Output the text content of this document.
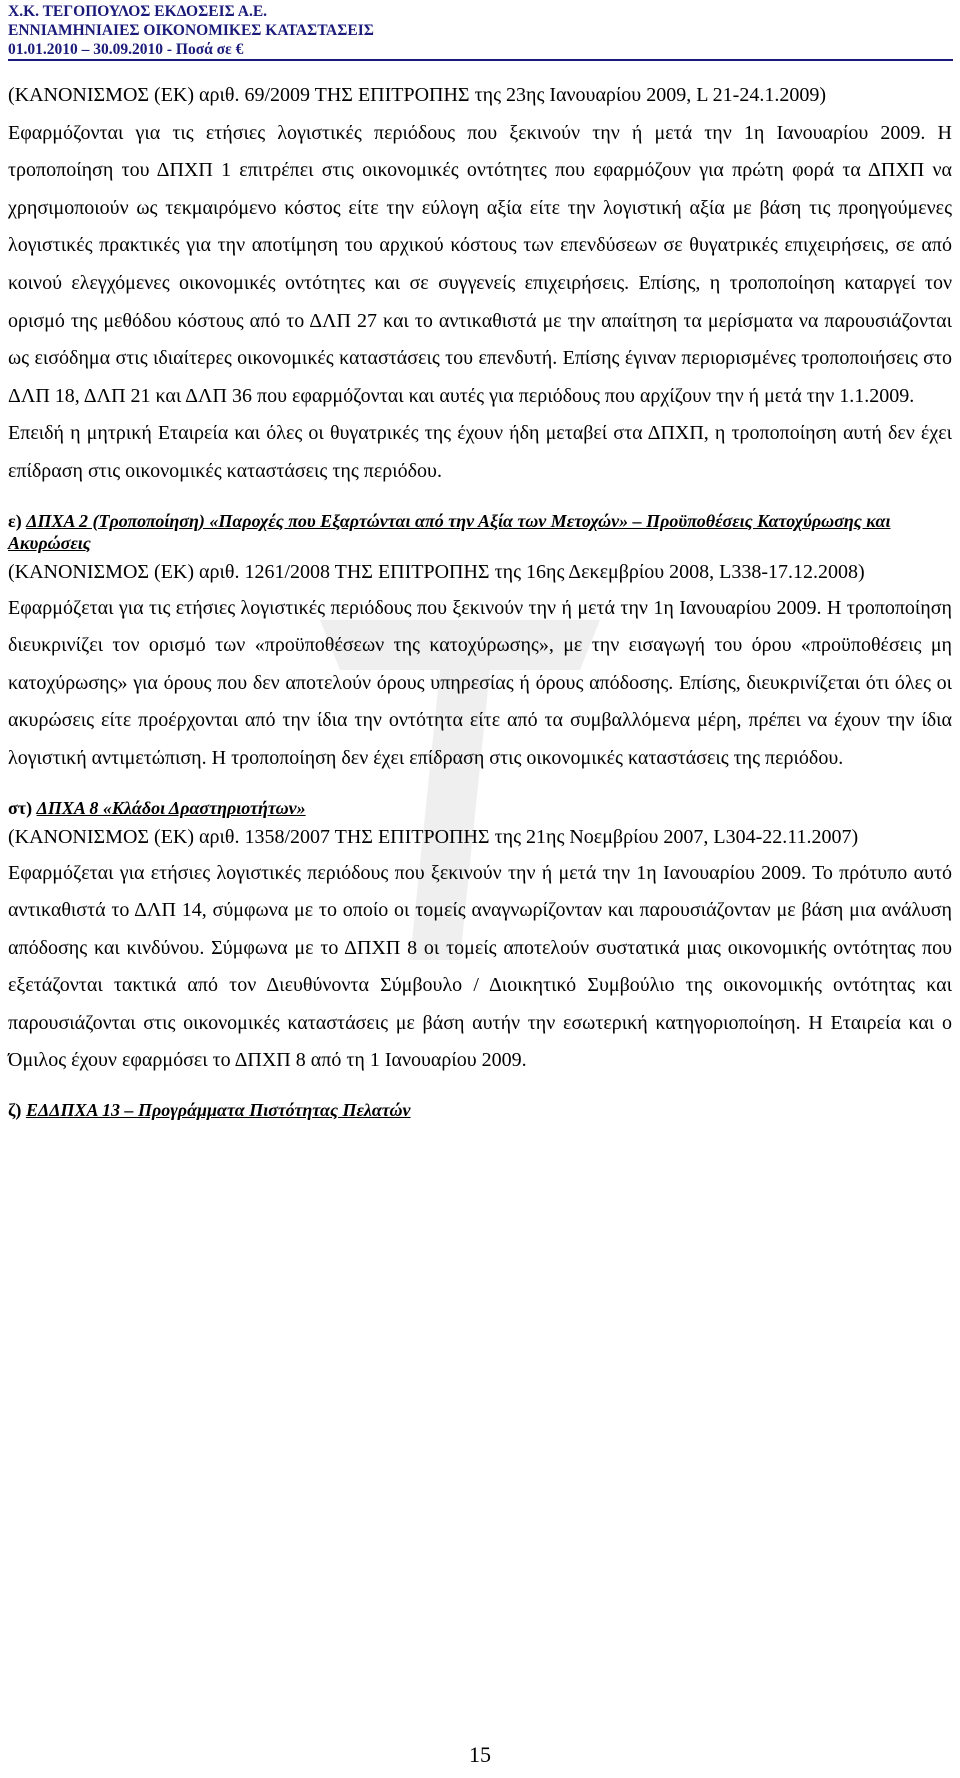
Χ.Κ. ΤΕΓΟΠΟΥΛΟΣ ΕΚΔΟΣΕΙΣ Α.Ε.
ΕΝΝΙΑΜΗΝΙΑΙΕΣ ΟΙΚΟΝΟΜΙΚΕΣ ΚΑΤΑΣΤΑΣΕΙΣ
01.01.2010 – 30.09.2010 - Ποσά σε €

(ΚΑΝΟΝΙΣΜΟΣ (ΕΚ) αριθ. 69/2009 ΤΗΣ ΕΠΙΤΡΟΠΗΣ της 23ης Ιανουαρίου 2009, L 21-24.1.2009)

Εφαρμόζονται για τις ετήσιες λογιστικές περιόδους που ξεκινούν την ή μετά την 1η Ιανουαρίου 2009. Η τροποποίηση του ΔΠΧΠ 1 επιτρέπει στις οικονομικές οντότητες που εφαρμόζουν για πρώτη φορά τα ΔΠΧΠ να χρησιμοποιούν ως τεκμαιρόμενο κόστος είτε την εύλογη αξία είτε την λογιστική αξία με βάση τις προηγούμενες λογιστικές πρακτικές για την αποτίμηση του αρχικού κόστους των επενδύσεων σε θυγατρικές επιχειρήσεις, σε από κοινού ελεγχόμενες οικονομικές οντότητες και σε συγγενείς επιχειρήσεις. Επίσης, η τροποποίηση καταργεί τον ορισμό της μεθόδου κόστους από το ΔΛΠ 27 και το αντικαθιστά με την απαίτηση τα μερίσματα να παρουσιάζονται ως εισόδημα στις ιδιαίτερες οικονομικές καταστάσεις του επενδυτή. Επίσης έγιναν περιορισμένες τροποποιήσεις στο ΔΛΠ 18, ΔΛΠ 21 και ΔΛΠ 36 που εφαρμόζονται και αυτές για περιόδους που αρχίζουν την ή μετά την 1.1.2009.

Επειδή η μητρική Εταιρεία και όλες οι θυγατρικές της έχουν ήδη μεταβεί στα ΔΠΧΠ, η τροποποίηση αυτή δεν έχει επίδραση στις οικονομικές καταστάσεις της περιόδου.

ε) ΔΠΧΑ 2 (Τροποποίηση) «Παροχές που Εξαρτώνται από την Αξία των Μετοχών» – Προϋποθέσεις Κατοχύρωσης και Ακυρώσεις

(ΚΑΝΟΝΙΣΜΟΣ (ΕΚ) αριθ. 1261/2008 ΤΗΣ ΕΠΙΤΡΟΠΗΣ της 16ης Δεκεμβρίου 2008, L338-17.12.2008)

Εφαρμόζεται για τις ετήσιες λογιστικές περιόδους που ξεκινούν την ή μετά την 1η Ιανουαρίου 2009. Η τροποποίηση διευκρινίζει τον ορισμό των «προϋποθέσεων της κατοχύρωσης», με την εισαγωγή του όρου «προϋποθέσεις μη κατοχύρωσης» για όρους που δεν αποτελούν όρους υπηρεσίας ή όρους απόδοσης. Επίσης, διευκρινίζεται ότι όλες οι ακυρώσεις είτε προέρχονται από την ίδια την οντότητα είτε από τα συμβαλλόμενα μέρη, πρέπει να έχουν την ίδια λογιστική αντιμετώπιση. Η τροποποίηση δεν έχει επίδραση στις οικονομικές καταστάσεις της περιόδου.

στ) ΔΠΧΑ 8 «Κλάδοι Δραστηριοτήτων»

(ΚΑΝΟΝΙΣΜΟΣ (ΕΚ) αριθ. 1358/2007 ΤΗΣ ΕΠΙΤΡΟΠΗΣ της 21ης Νοεμβρίου 2007, L304-22.11.2007)

Εφαρμόζεται για ετήσιες λογιστικές περιόδους που ξεκινούν την ή μετά την 1η Ιανουαρίου 2009. Το πρότυπο αυτό αντικαθιστά το ΔΛΠ 14, σύμφωνα με το οποίο οι τομείς αναγνωρίζονταν και παρουσιάζονταν με βάση μια ανάλυση απόδοσης και κινδύνου. Σύμφωνα με το ΔΠΧΠ 8 οι τομείς αποτελούν συστατικά μιας οικονομικής οντότητας που εξετάζονται τακτικά από τον Διευθύνοντα Σύμβουλο / Διοικητικό Συμβούλιο της οικονομικής οντότητας και παρουσιάζονται στις οικονομικές καταστάσεις με βάση αυτήν την εσωτερική κατηγοριοποίηση. Η Εταιρεία και ο Όμιλος έχουν εφαρμόσει το ΔΠΧΠ 8 από τη 1 Ιανουαρίου 2009.

ζ) ΕΔΔΠΧΑ 13 – Προγράμματα Πιστότητας Πελατών

15
